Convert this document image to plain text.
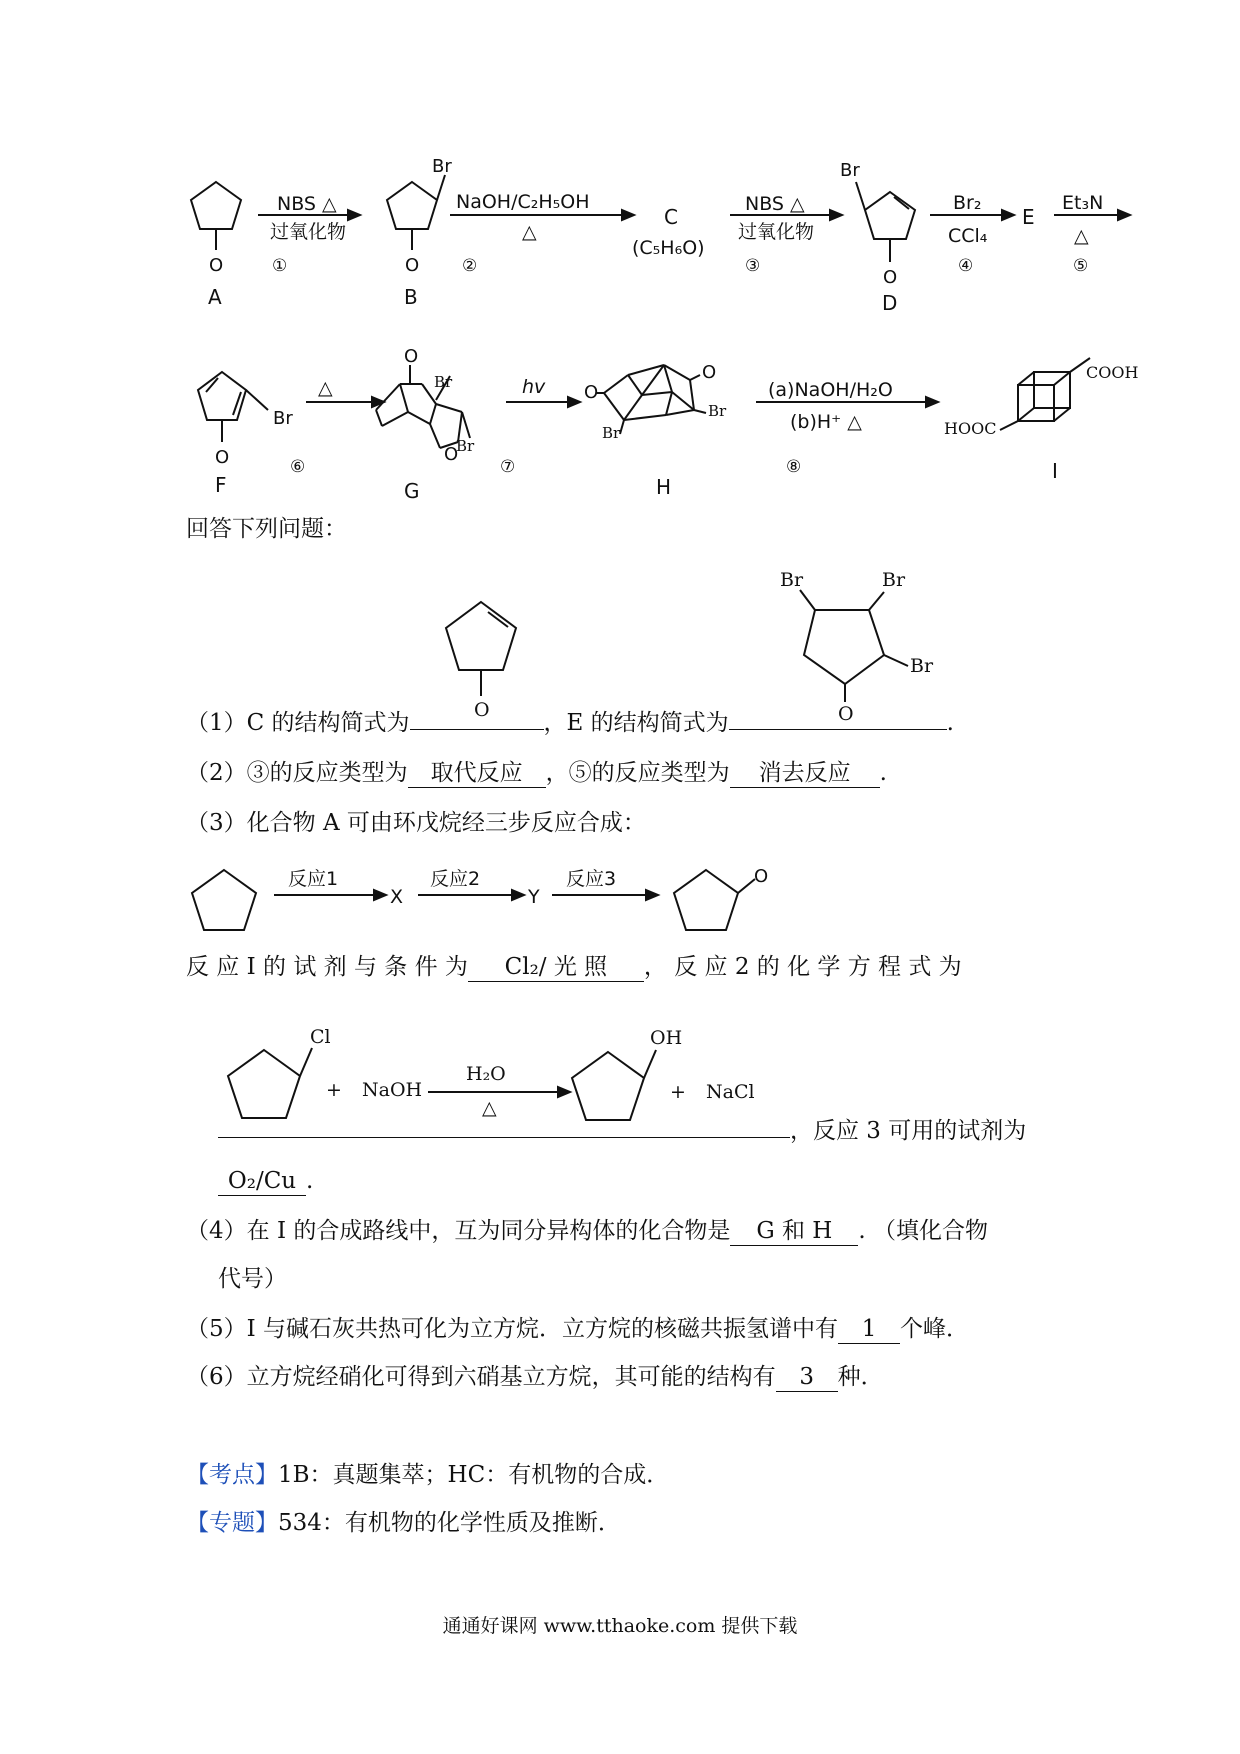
O
A
NBS △
过氧化物
①
Br
O
B
NaOH/C₂H₅OH
△
②
C
(C₅H₆O)
NBS △
过氧化物
③
Br
O
D
Br₂
CCl₄
④
E
Et₃N
△
⑤
Br
O
F
△
⑥
O
Br
O
Br
G
hv
⑦
O
O
Br
Br
H
(a)NaOH/H₂O
(b)H⁺ △
⑧
COOH
HOOC
I
回答下列问题：
O
Br	Br
Br
O
（1）C 的结构简式为	，E 的结构简式为	.
（2）③的反应类型为 取代反应 ，⑤的反应类型为 消去反应 .
（3）化合物 A 可由环戊烷经三步反应合成：
反应1
X
反应2
Y
反应3	O
反 应 I 的 试 剂 与 条 件 为 Cl₂/ 光 照 ， 反 应 2 的 化 学 方 程 式 为
Cl
+ NaOH
H₂O
△
OH
+ NaCl
，反应 3 可用的试剂为
O₂/Cu .
（4）在 I 的合成路线中，互为同分异构体的化合物是 G 和 H . （填化合物
代号）
（5）I 与碱石灰共热可化为立方烷．立方烷的核磁共振氢谱中有 1 个峰．
（6）立方烷经硝化可得到六硝基立方烷，其可能的结构有 3 种．
【考点】1B：真题集萃；HC：有机物的合成．
【专题】534：有机物的化学性质及推断．
通通好课网 www.tthaoke.com 提供下载
